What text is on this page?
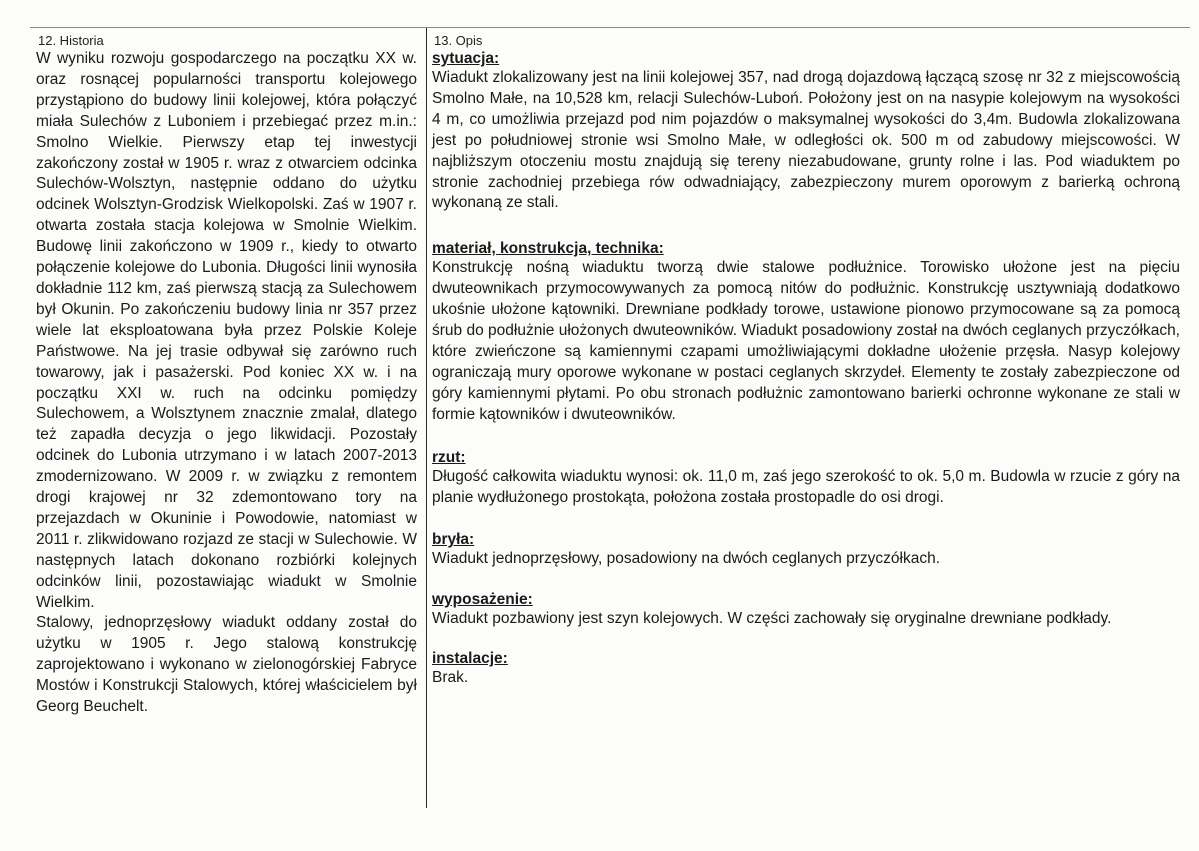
12. Historia

W wyniku rozwoju gospodarczego na początku XX w. oraz rosnącej popularności transportu kolejowego przystąpiono do budowy linii kolejowej, która połączyć miała Sulechów z Luboniem i przebiegać przez m.in.: Smolno Wielkie. Pierwszy etap tej inwestycji zakończony został w 1905 r. wraz z otwarciem odcinka Sulechów-Wolsztyn, następnie oddano do użytku odcinek Wolsztyn-Grodzisk Wielkopolski. Zaś w 1907 r. otwarta została stacja kolejowa w Smolnie Wielkim. Budowę linii zakończono w 1909 r., kiedy to otwarto połączenie kolejowe do Lubonia. Długości linii wynosiła dokładnie 112 km, zaś pierwszą stacją za Sulechowem był Okunin. Po zakończeniu budowy linia nr 357 przez wiele lat eksploatowana była przez Polskie Koleje Państwowe. Na jej trasie odbywał się zarówno ruch towarowy, jak i pasażerski. Pod koniec XX w. i na początku XXI w. ruch na odcinku pomiędzy Sulechowem, a Wolsztynem znacznie zmalał, dlatego też zapadła decyzja o jego likwidacji. Pozostały odcinek do Lubonia utrzymano i w latach 2007-2013 zmodernizowano. W 2009 r. w związku z remontem drogi krajowej nr 32 zdemontowano tory na przejazdach w Okuninie i Powodowie, natomiast w 2011 r. zlikwidowano rozjazd ze stacji w Sulechowie. W następnych latach dokonano rozbiórki kolejnych odcinków linii, pozostawiając wiadukt w Smolnie Wielkim.

Stalowy, jednoprzęsłowy wiadukt oddany został do użytku w 1905 r. Jego stalową konstrukcję zaprojektowano i wykonano w zielonogórskiej Fabryce Mostów i Konstrukcji Stalowych, której właścicielem był Georg Beuchelt.

13. Opis
sytuacja:

Wiadukt zlokalizowany jest na linii kolejowej 357, nad drogą dojazdową łączącą szosę nr 32 z miejscowością Smolno Małe, na 10,528 km, relacji Sulechów-Luboń. Położony jest on na nasypie kolejowym na wysokości 4 m, co umożliwia przejazd pod nim pojazdów o maksymalnej wysokości do 3,4m. Budowla zlokalizowana jest po południowej stronie wsi Smolno Małe, w odległości ok. 500 m od zabudowy miejscowości. W najbliższym otoczeniu mostu znajdują się tereny niezabudowane, grunty rolne i las. Pod wiaduktem po stronie zachodniej przebiega rów odwadniający, zabezpieczony murem oporowym z barierką ochroną wykonaną ze stali.

materiał, konstrukcja, technika:

Konstrukcję nośną wiaduktu tworzą dwie stalowe podłużnice. Torowisko ułożone jest na pięciu dwuteownikach przymocowywanych za pomocą nitów do podłużnic. Konstrukcję usztywniają dodatkowo ukośnie ułożone kątowniki. Drewniane podkłady torowe, ustawione pionowo przymocowane są za pomocą śrub do podłużnie ułożonych dwuteowników. Wiadukt posadowiony został na dwóch ceglanych przyczółkach, które zwieńczone są kamiennymi czapami umożliwiającymi dokładne ułożenie przęsła. Nasyp kolejowy ograniczają mury oporowe wykonane w postaci ceglanych skrzydeł. Elementy te zostały zabezpieczone od góry kamiennymi płytami. Po obu stronach podłużnic zamontowano barierki ochronne wykonane ze stali w formie kątowników i dwuteowników.

rzut:

Długość całkowita wiaduktu wynosi: ok. 11,0 m, zaś jego szerokość to ok. 5,0 m. Budowla w rzucie z góry na planie wydłużonego prostokąta, położona została prostopadle do osi drogi.

bryła:

Wiadukt jednoprzęsłowy, posadowiony na dwóch ceglanych przyczółkach.

wyposażenie:

Wiadukt pozbawiony jest szyn kolejowych. W części zachowały się oryginalne drewniane podkłady.

instalacje:

Brak.
